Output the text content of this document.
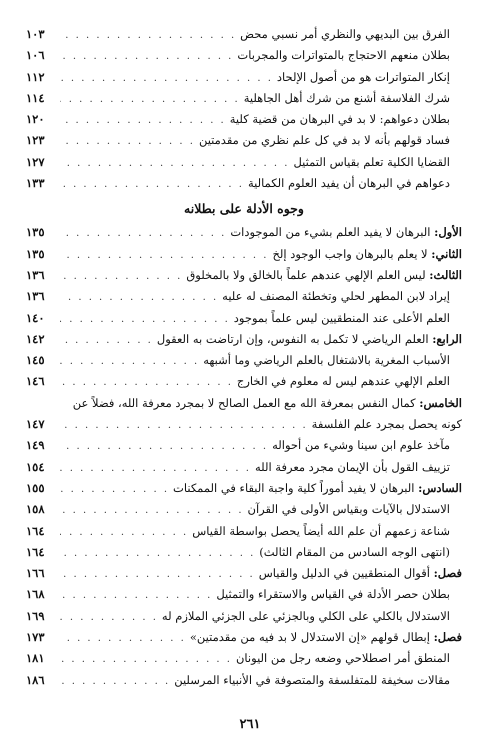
الفرق بين البديهي والنظري أمر نسبي محض
. . .
١٠٣
بطلان منعهم الاحتجاج بالمتواترات والمجربات
. . .
١٠٦
إنكار المتواترات هو من أصول الإلحاد
. . .
١١٢
شرك الفلاسفة أشنع من شرك أهل الجاهلية
. . .
١١٤
بطلان دعواهم: لا بد في البرهان من قضية كلية
. . .
١٢٠
فساد قولهم بأنه لا بد في كل علم نظري من مقدمتين
. . .
١٢٣
القضايا الكلية تعلم بقياس التمثيل
. . .
١٢٧
دعواهم في البرهان أن يفيد العلوم الكمالية
. . .
١٣٣
وجوه الأدلة على بطلانه
الأول: البرهان لا يفيد العلم بشيء من الموجودات
. . .
١٣٥
الثاني: لا يعلم بالبرهان واجب الوجود إلخ
. . .
١٣٥
الثالث: ليس العلم الإلهي عندهم علماً بالخالق ولا بالمخلوق
. . .
١٣٦
إيراد لابن المطهر لحلي وتخطئة المصنف له عليه
. . .
١٣٦
العلم الأعلى عند المنطقيين ليس علماً بموجود
. . .
١٤٠
الرابع: العلم الرياضي لا تكمل به النفوس، وإن ارتاضت به العقول
. . .
١٤٢
الأسباب المغرية بالاشتغال بالعلم الرياضي وما أشبهه
. . .
١٤٥
العلم الإلهي عندهم ليس له معلوم في الخارج
. . .
١٤٦
الخامس: كمال النفس بمعرفة الله مع العمل الصالح لا بمجرد معرفة الله، فضلاً عن
كونه يحصل بمجرد علم الفلسفة
. . .
١٤٧
مآخذ علوم ابن سينا وشيء من أحواله
. . .
١٤٩
تزييف القول بأن الإيمان مجرد معرفة الله
. . .
١٥٤
السادس: البرهان لا يفيد أموراً كلية واجبة البقاء في الممكنات
. . .
١٥٥
الاستدلال بالآيات وبقياس الأولى في القرآن
. . .
١٥٨
شناعة زعمهم أن علم الله أيضاً يحصل بواسطة القياس
. . .
١٦٤
(انتهى الوجه السادس من المقام الثالث)
. . .
١٦٤
فصل: أقوال المنطقيين في الدليل والقياس
. . .
١٦٦
بطلان حصر الأدلة في القياس والاستقراء والتمثيل
. . .
١٦٨
الاستدلال بالكلي على الكلي وبالجزئي على الجزئي الملازم له
. . .
١٦٩
فصل: إبطال قولهم «إن الاستدلال لا بد فيه من مقدمتين»
. . .
١٧٣
المنطق أمر اصطلاحي وضعه رجل من اليونان
. . .
١٨١
مقالات سخيفة للمتفلسفة والمتصوفة في الأنبياء المرسلين
. . .
١٨٦
٢٦١
